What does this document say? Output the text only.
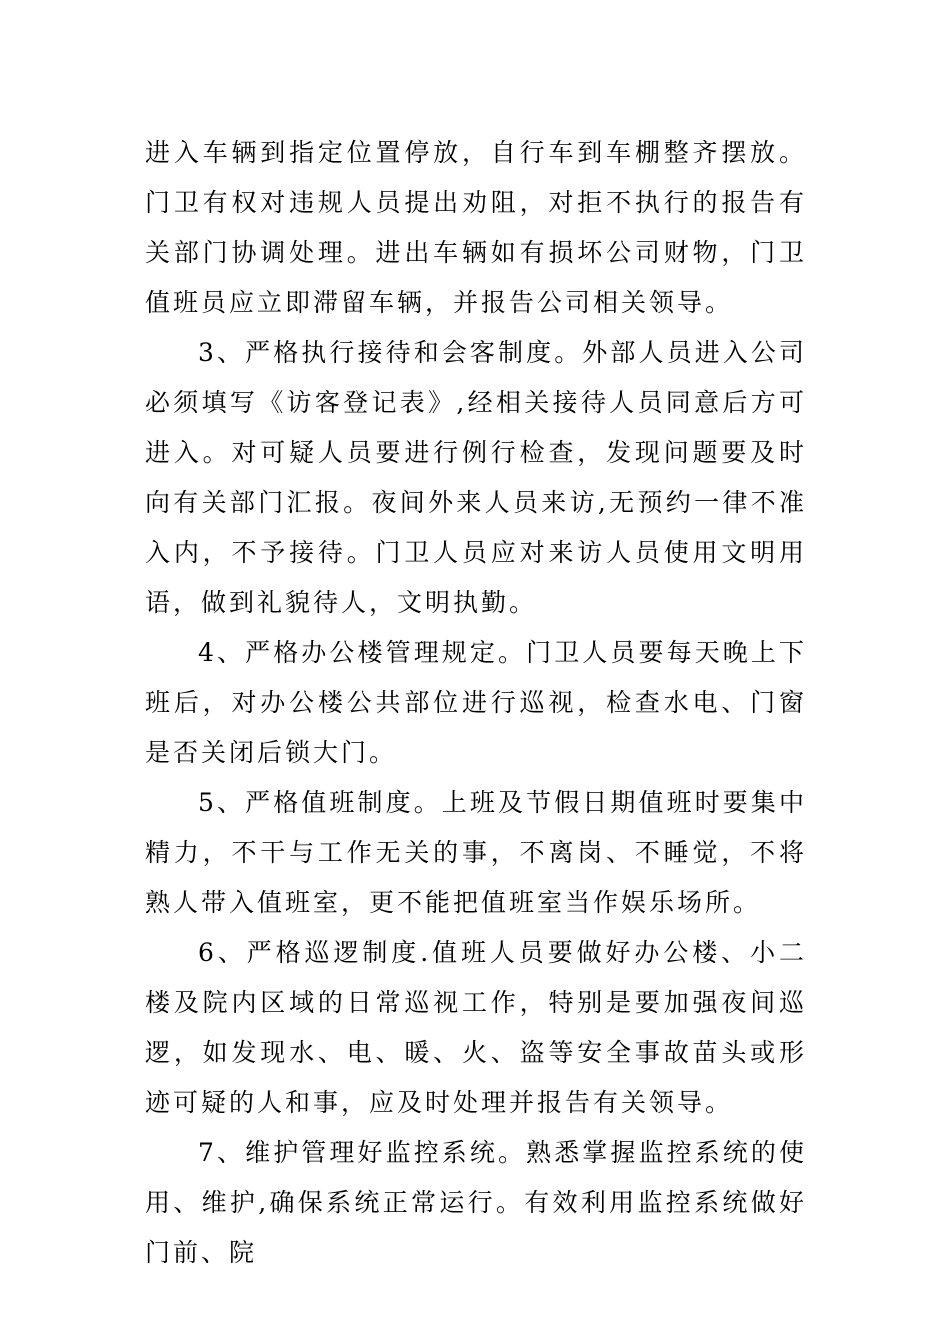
进入车辆到指定位置停放，自行车到车棚整齐摆放。门卫有权对违规人员提出劝阻，对拒不执行的报告有关部门协调处理。进出车辆如有损坏公司财物，门卫值班员应立即滞留车辆，并报告公司相关领导。

3、严格执行接待和会客制度。外部人员进入公司必须填写《访客登记表》,经相关接待人员同意后方可进入。对可疑人员要进行例行检查，发现问题要及时向有关部门汇报。夜间外来人员来访,无预约一律不准入内，不予接待。门卫人员应对来访人员使用文明用语，做到礼貌待人，文明执勤。

4、严格办公楼管理规定。门卫人员要每天晚上下班后，对办公楼公共部位进行巡视，检查水电、门窗是否关闭后锁大门。

5、严格值班制度。上班及节假日期值班时要集中精力，不干与工作无关的事，不离岗、不睡觉，不将熟人带入值班室，更不能把值班室当作娱乐场所。

6、严格巡逻制度.值班人员要做好办公楼、小二楼及院内区域的日常巡视工作，特别是要加强夜间巡逻，如发现水、电、暖、火、盗等安全事故苗头或形迹可疑的人和事，应及时处理并报告有关领导。

7、维护管理好监控系统。熟悉掌握监控系统的使用、维护,确保系统正常运行。有效利用监控系统做好门前、院
